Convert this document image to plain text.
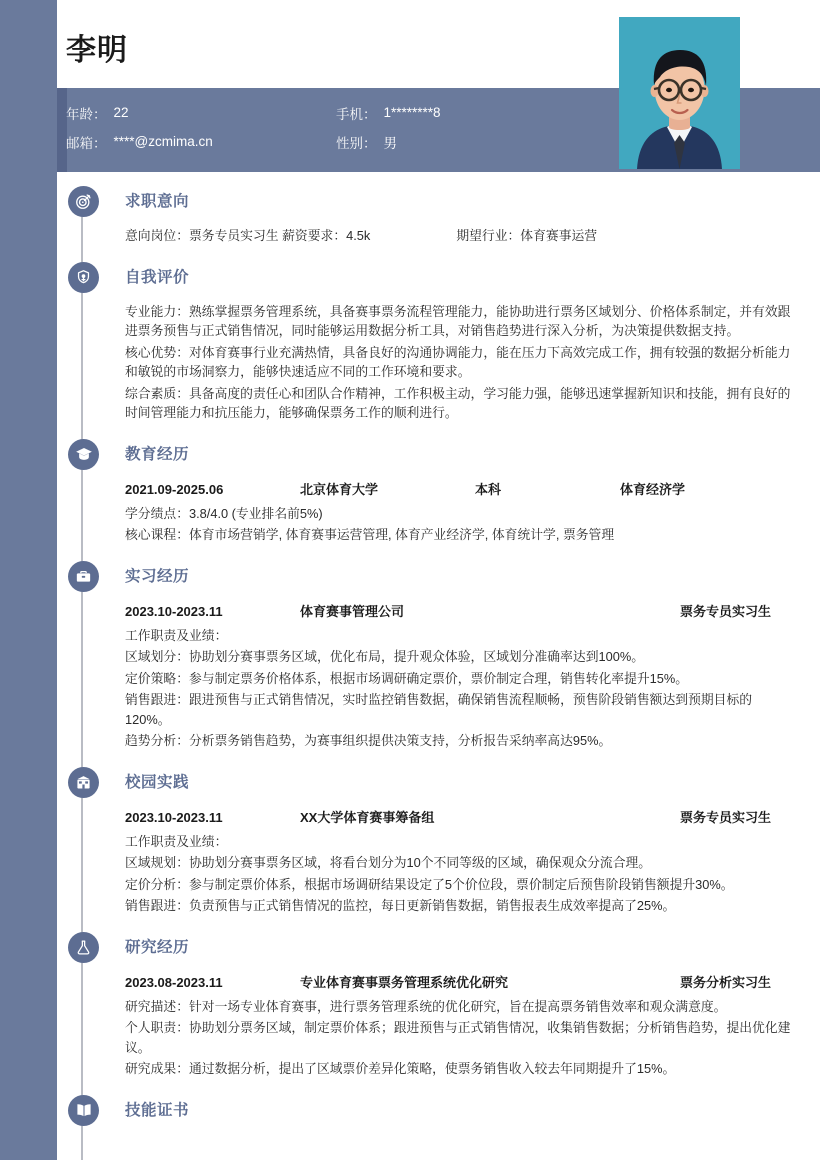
李明
年龄： 22	手机： 1********8
邮箱： ****@zcmima.cn	性别： 男
求职意向

意向岗位：票务专员实习生 薪资要求：4.5k	期望行业：体育赛事运营

自我评价

专业能力：熟练掌握票务管理系统，具备赛事票务流程管理能力，能协助进行票务区域划分、价格体系制定，并有效跟进票务预售与正式销售情况，同时能够运用数据分析工具，对销售趋势进行深入分析，为决策提供数据支持。

核心优势：对体育赛事行业充满热情，具备良好的沟通协调能力，能在压力下高效完成工作，拥有较强的数据分析能力和敏锐的市场洞察力，能够快速适应不同的工作环境和要求。

综合素质：具备高度的责任心和团队合作精神，工作积极主动，学习能力强，能够迅速掌握新知识和技能，拥有良好的时间管理能力和抗压能力，能够确保票务工作的顺利进行。

教育经历
2021.09-2025.06	北京体育大学	本科	体育经济学

学分绩点：3.8/4.0 (专业排名前5%)

核心课程：体育市场营销学, 体育赛事运营管理, 体育产业经济学, 体育统计学, 票务管理

实习经历
2023.10-2023.11	体育赛事管理公司	票务专员实习生

工作职责及业绩：

区域划分：协助划分赛事票务区域，优化布局，提升观众体验，区域划分准确率达到100%。

定价策略：参与制定票务价格体系，根据市场调研确定票价，票价制定合理，销售转化率提升15%。

销售跟进：跟进预售与正式销售情况，实时监控销售数据，确保销售流程顺畅，预售阶段销售额达到预期目标的120%。

趋势分析：分析票务销售趋势，为赛事组织提供决策支持，分析报告采纳率高达95%。

校园实践
2023.10-2023.11	XX大学体育赛事筹备组	票务专员实习生

工作职责及业绩：

区域规划：协助划分赛事票务区域，将看台划分为10个不同等级的区域，确保观众分流合理。

定价分析：参与制定票价体系，根据市场调研结果设定了5个价位段，票价制定后预售阶段销售额提升30%。

销售跟进：负责预售与正式销售情况的监控，每日更新销售数据，销售报表生成效率提高了25%。

研究经历
2023.08-2023.11	专业体育赛事票务管理系统优化研究	票务分析实习生

研究描述：针对一场专业体育赛事，进行票务管理系统的优化研究，旨在提高票务销售效率和观众满意度。

个人职责：协助划分票务区域，制定票价体系；跟进预售与正式销售情况，收集销售数据；分析销售趋势，提出优化建议。

研究成果：通过数据分析，提出了区域票价差异化策略，使票务销售收入较去年同期提升了15%。

技能证书
